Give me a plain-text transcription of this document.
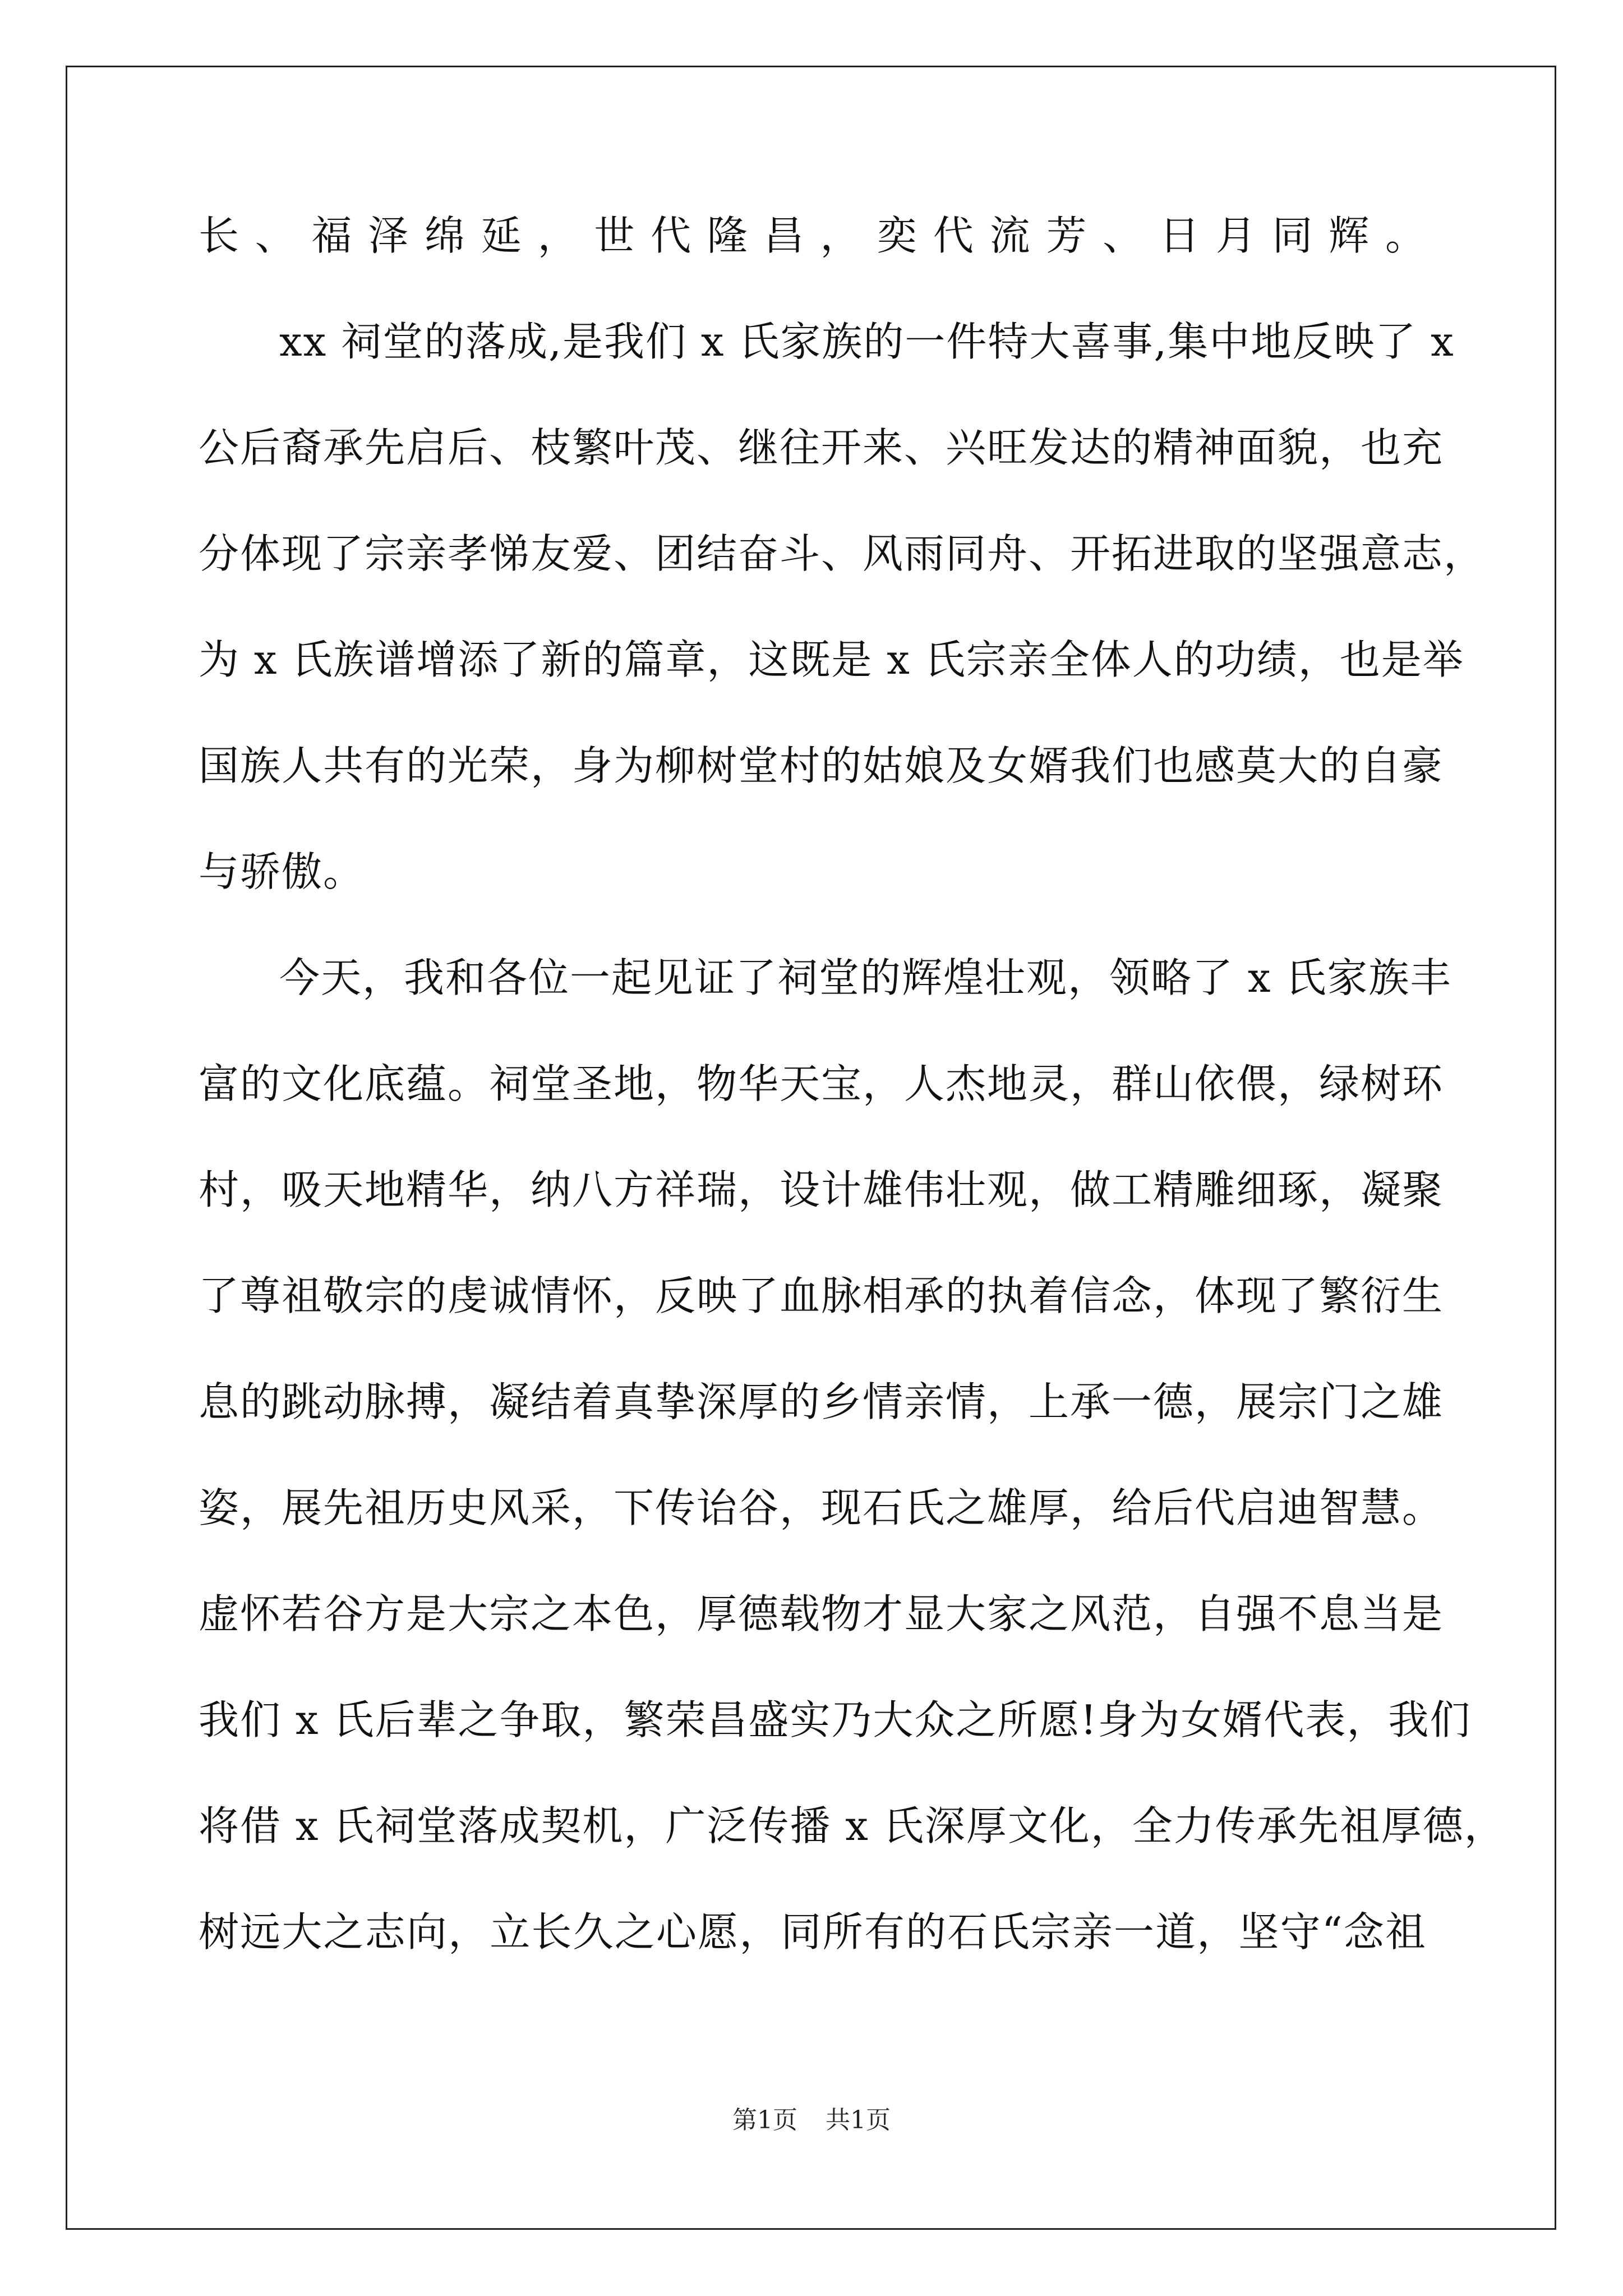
长、福泽绵延，世代隆昌，奕代流芳、日月同辉。
xx 祠堂的落成,是我们 x 氏家族的一件特大喜事,集中地反映了 x
公后裔承先启后、枝繁叶茂、继往开来、兴旺发达的精神面貌，也充
分体现了宗亲孝悌友爱、团结奋斗、风雨同舟、开拓进取的坚强意志，
为 x 氏族谱增添了新的篇章，这既是 x 氏宗亲全体人的功绩，也是举
国族人共有的光荣，身为柳树堂村的姑娘及女婿我们也感莫大的自豪
与骄傲。
今天，我和各位一起见证了祠堂的辉煌壮观，领略了 x 氏家族丰
富的文化底蕴。祠堂圣地，物华天宝，人杰地灵，群山依偎，绿树环
村，吸天地精华，纳八方祥瑞，设计雄伟壮观，做工精雕细琢，凝聚
了尊祖敬宗的虔诚情怀，反映了血脉相承的执着信念，体现了繁衍生
息的跳动脉搏，凝结着真挚深厚的乡情亲情，上承一德，展宗门之雄
姿，展先祖历史风采，下传诒谷，现石氏之雄厚，给后代启迪智慧。
虚怀若谷方是大宗之本色，厚德载物才显大家之风范，自强不息当是
我们 x 氏后辈之争取，繁荣昌盛实乃大众之所愿!身为女婿代表，我们
将借 x 氏祠堂落成契机，广泛传播 x 氏深厚文化，全力传承先祖厚德，
树远大之志向，立长久之心愿，同所有的石氏宗亲一道，坚守“念祖
第1页 共1页
